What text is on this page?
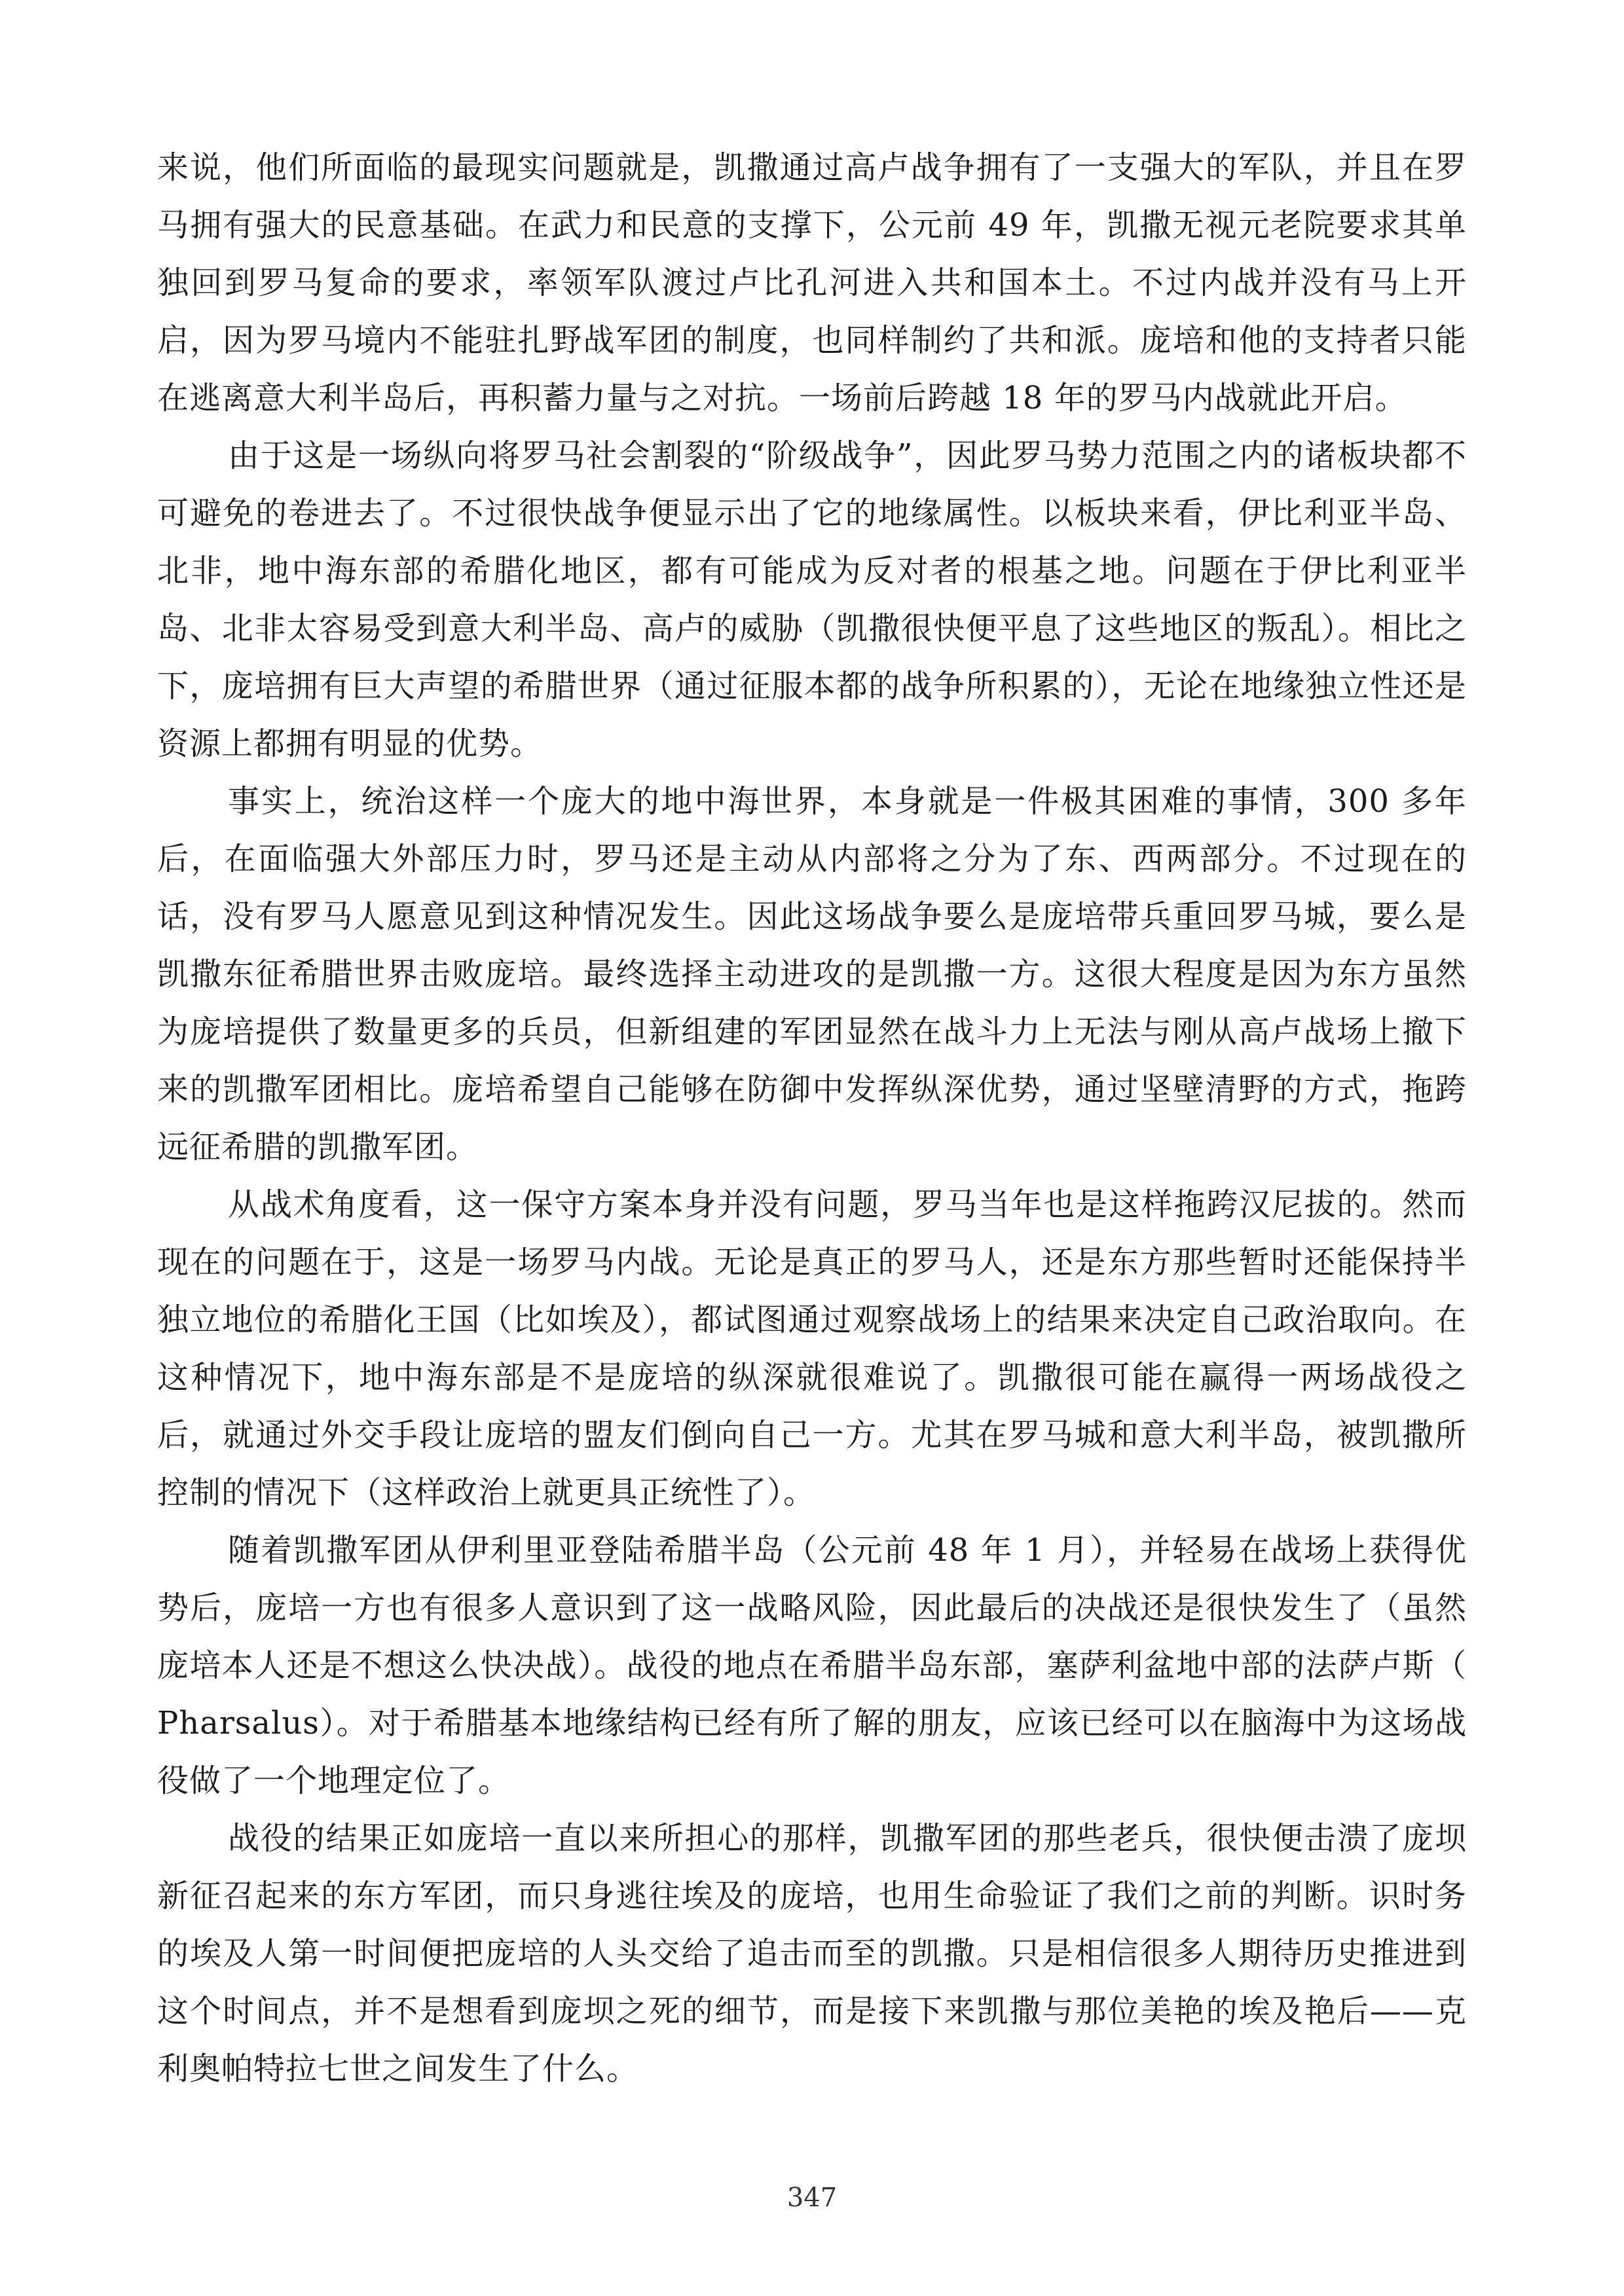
来说，他们所面临的最现实问题就是，凯撒通过高卢战争拥有了一支强大的军队，并且在罗马拥有强大的民意基础。在武力和民意的支撑下，公元前 49 年，凯撒无视元老院要求其单独回到罗马复命的要求，率领军队渡过卢比孔河进入共和国本土。不过内战并没有马上开启，因为罗马境内不能驻扎野战军团的制度，也同样制约了共和派。庞培和他的支持者只能在逃离意大利半岛后，再积蓄力量与之对抗。一场前后跨越 18 年的罗马内战就此开启。

由于这是一场纵向将罗马社会割裂的“阶级战争”，因此罗马势力范围之内的诸板块都不可避免的卷进去了。不过很快战争便显示出了它的地缘属性。以板块来看，伊比利亚半岛、北非，地中海东部的希腊化地区，都有可能成为反对者的根基之地。问题在于伊比利亚半岛、北非太容易受到意大利半岛、高卢的威胁（凯撒很快便平息了这些地区的叛乱）。相比之下，庞培拥有巨大声望的希腊世界（通过征服本都的战争所积累的），无论在地缘独立性还是资源上都拥有明显的优势。

事实上，统治这样一个庞大的地中海世界，本身就是一件极其困难的事情，300 多年后，在面临强大外部压力时，罗马还是主动从内部将之分为了东、西两部分。不过现在的话，没有罗马人愿意见到这种情况发生。因此这场战争要么是庞培带兵重回罗马城，要么是凯撒东征希腊世界击败庞培。最终选择主动进攻的是凯撒一方。这很大程度是因为东方虽然为庞培提供了数量更多的兵员，但新组建的军团显然在战斗力上无法与刚从高卢战场上撤下来的凯撒军团相比。庞培希望自己能够在防御中发挥纵深优势，通过坚壁清野的方式，拖跨远征希腊的凯撒军团。

从战术角度看，这一保守方案本身并没有问题，罗马当年也是这样拖跨汉尼拔的。然而现在的问题在于，这是一场罗马内战。无论是真正的罗马人，还是东方那些暂时还能保持半独立地位的希腊化王国（比如埃及），都试图通过观察战场上的结果来决定自己政治取向。在这种情况下，地中海东部是不是庞培的纵深就很难说了。凯撒很可能在赢得一两场战役之后，就通过外交手段让庞培的盟友们倒向自己一方。尤其在罗马城和意大利半岛，被凯撒所控制的情况下（这样政治上就更具正统性了）。

随着凯撒军团从伊利里亚登陆希腊半岛（公元前 48 年 1 月），并轻易在战场上获得优势后，庞培一方也有很多人意识到了这一战略风险，因此最后的决战还是很快发生了（虽然庞培本人还是不想这么快决战）。战役的地点在希腊半岛东部，塞萨利盆地中部的法萨卢斯（ Pharsalus）。对于希腊基本地缘结构已经有所了解的朋友，应该已经可以在脑海中为这场战役做了一个地理定位了。

战役的结果正如庞培一直以来所担心的那样，凯撒军团的那些老兵，很快便击溃了庞坝新征召起来的东方军团，而只身逃往埃及的庞培，也用生命验证了我们之前的判断。识时务的埃及人第一时间便把庞培的人头交给了追击而至的凯撒。只是相信很多人期待历史推进到这个时间点，并不是想看到庞坝之死的细节，而是接下来凯撒与那位美艳的埃及艳后——克利奥帕特拉七世之间发生了什么。

347
